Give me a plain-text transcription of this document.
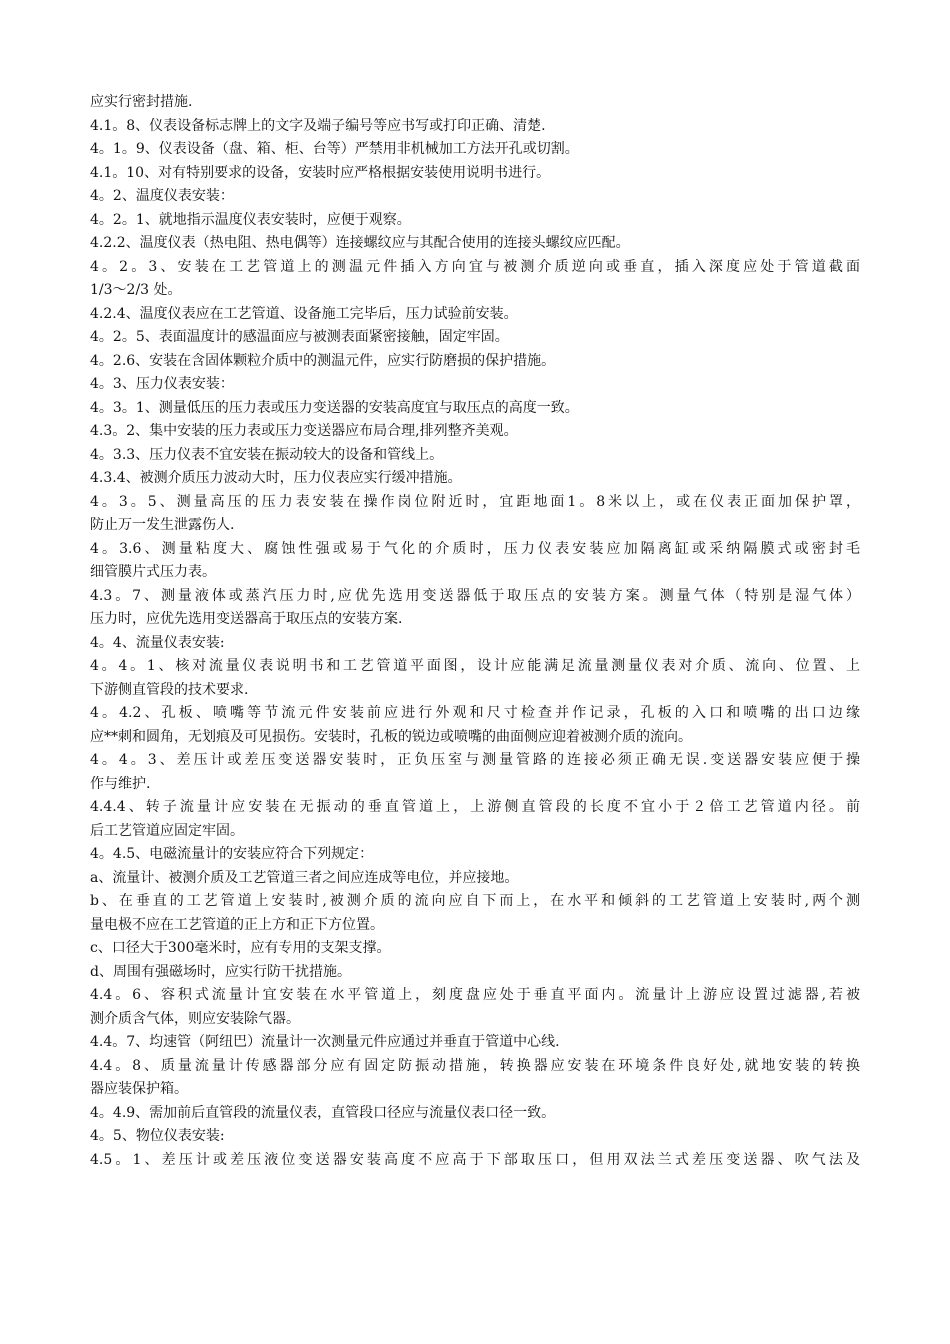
应实行密封措施.
4.1。8、仪表设备标志牌上的文字及端子编号等应书写或打印正确、清楚.
4。1。9、仪表设备（盘、箱、柜、台等）严禁用非机械加工方法开孔或切割。
4.1。10、对有特别要求的设备，安装时应严格根据安装使用说明书进行。
4。2、温度仪表安装：
4。2。1、就地指示温度仪表安装时，应便于观察。
4.2.2、温度仪表（热电阻、热电偶等）连接螺纹应与其配合使用的连接头螺纹应匹配。
4。2。3、安装在工艺管道上的测温元件插入方向宜与被测介质逆向或垂直，插入深度应处于管道截面
1/3～2/3 处。
4.2.4、温度仪表应在工艺管道、设备施工完毕后，压力试验前安装。
4。2。5、表面温度计的感温面应与被测表面紧密接触，固定牢固。
4。2.6、安装在含固体颗粒介质中的测温元件，应实行防磨损的保护措施。
4。3、压力仪表安装：
4。3。1、测量低压的压力表或压力变送器的安装高度宜与取压点的高度一致。
4.3。2、集中安装的压力表或压力变送器应布局合理,排列整齐美观。
4。3.3、压力仪表不宜安装在振动较大的设备和管线上。
4.3.4、被测介质压力波动大时，压力仪表应实行缓冲措施。
4。3。5、测量高压的压力表安装在操作岗位附近时，宜距地面1。8米以上，或在仪表正面加保护罩，
防止万一发生泄露伤人.
4。3.6、测量粘度大、腐蚀性强或易于气化的介质时，压力仪表安装应加隔离缸或采纳隔膜式或密封毛
细管膜片式压力表。
4.3。7、测量液体或蒸汽压力时,应优先选用变送器低于取压点的安装方案。测量气体（特别是湿气体）
压力时，应优先选用变送器高于取压点的安装方案.
4。4、流量仪表安装:
4。4。1、核对流量仪表说明书和工艺管道平面图，设计应能满足流量测量仪表对介质、流向、位置、上
下游侧直管段的技术要求.
4。4.2、孔板、喷嘴等节流元件安装前应进行外观和尺寸检查并作记录，孔板的入口和喷嘴的出口边缘
应**刺和圆角，无划痕及可见损伤。安装时，孔板的锐边或喷嘴的曲面侧应迎着被测介质的流向。
4。4。3、差压计或差压变送器安装时，正负压室与测量管路的连接必须正确无误.变送器安装应便于操
作与维护.
4.4.4、转子流量计应安装在无振动的垂直管道上，上游侧直管段的长度不宜小于２倍工艺管道内径。前
后工艺管道应固定牢固。
4。4.5、电磁流量计的安装应符合下列规定：
a、流量计、被测介质及工艺管道三者之间应连成等电位，并应接地。
b、在垂直的工艺管道上安装时,被测介质的流向应自下而上，在水平和倾斜的工艺管道上安装时,两个测
量电极不应在工艺管道的正上方和正下方位置。
c、口径大于300毫米时，应有专用的支架支撑。
d、周围有强磁场时，应实行防干扰措施。
4.4。6、容积式流量计宜安装在水平管道上，刻度盘应处于垂直平面内。流量计上游应设置过滤器,若被
测介质含气体，则应安装除气器。
4.4。7、均速管（阿纽巴）流量计一次测量元件应通过并垂直于管道中心线.
4.4。8、质量流量计传感器部分应有固定防振动措施，转换器应安装在环境条件良好处,就地安装的转换
器应装保护箱。
4。4.9、需加前后直管段的流量仪表，直管段口径应与流量仪表口径一致。
4。5、物位仪表安装:
4.5。1、差压计或差压液位变送器安装高度不应高于下部取压口，但用双法兰式差压变送器、吹气法及
